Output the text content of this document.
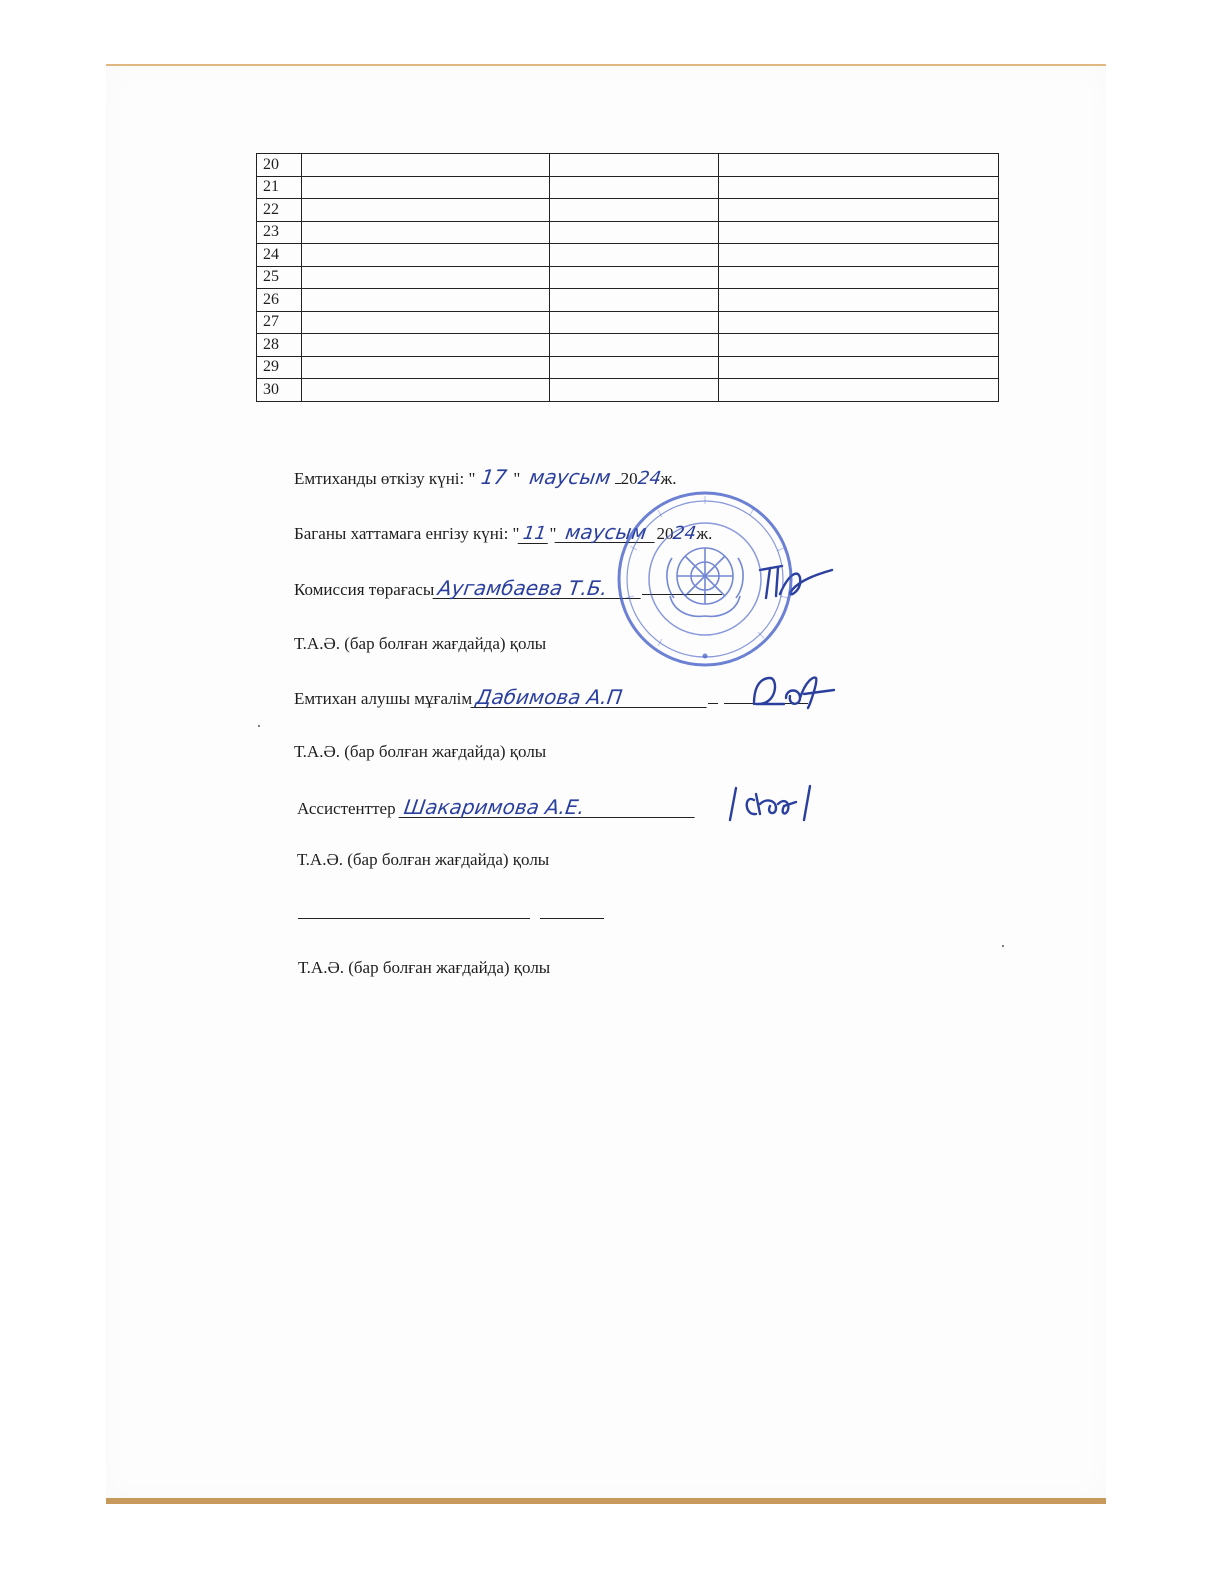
20			
21			
22			
23			
24			
25			
26			
27			
28			
29			
30			
Емтиханды өткізу күні: " 17 " маусым 2024ж.
Баганы хаттамага енгізу күні: " 11" маусым 2024ж.
Комиссия төрағасы Аугамбаева Т.Б.
Т.А.Ә. (бар болған жағдайда) қолы
Емтихан алушы мұғалім Дабимова А.П
Т.А.Ә. (бар болған жағдайда) қолы
Ассистенттер Шакаримова А.Е.
Т.А.Ә. (бар болған жағдайда) қолы

Т.А.Ә. (бар болған жағдайда) қолы
